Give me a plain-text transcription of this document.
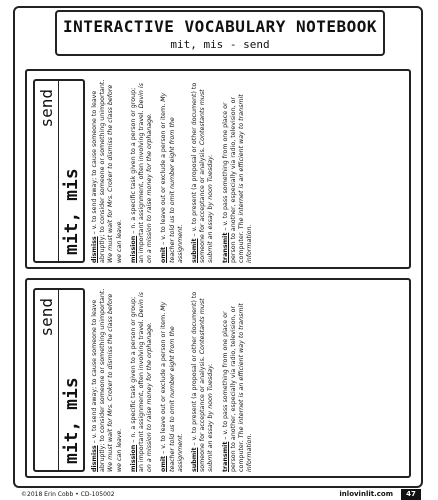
INTERACTIVE VOCABULARY NOTEBOOK
mit, mis - send
send
mit, mis dismiss – v. to send away; to cause someone to leave abruptly; to consider someone or something unimportant. We must wait for Mrs. Croker to dismiss the class before we can leave. mission – n. a specific task given to a person or group; an important assignment, often involving travel. Devin is on a mission to raise money for the orphanage. omit – v. to leave out or exclude a person or item. My teacher told us to omit number eight from the assignment. submit – v. to present (a proposal or other document) to someone for acceptance or analysis. Contestants must submit an essay by noon Tuesday. transmit – v. to pass something from one place or person to another, especially via radio, television, or computer. The internet is an efficient way to transmit information.
send
mit, mis dismiss – v. to send away; to cause someone to leave abruptly; to consider someone or something unimportant. We must wait for Mrs. Croker to dismiss the class before we can leave. mission – n. a specific task given to a person or group; an important assignment, often involving travel. Devin is on a mission to raise money for the orphanage. omit – v. to leave out or exclude a person or item. My teacher told us to omit number eight from the assignment. submit – v. to present (a proposal or other document) to someone for acceptance or analysis. Contestants must submit an essay by noon Tuesday. transmit – v. to pass something from one place or person to another, especially via radio, television, or computer. The internet is an efficient way to transmit information.
©2018 Erin Cobb • CD-105002	inlovinlit.com	47
